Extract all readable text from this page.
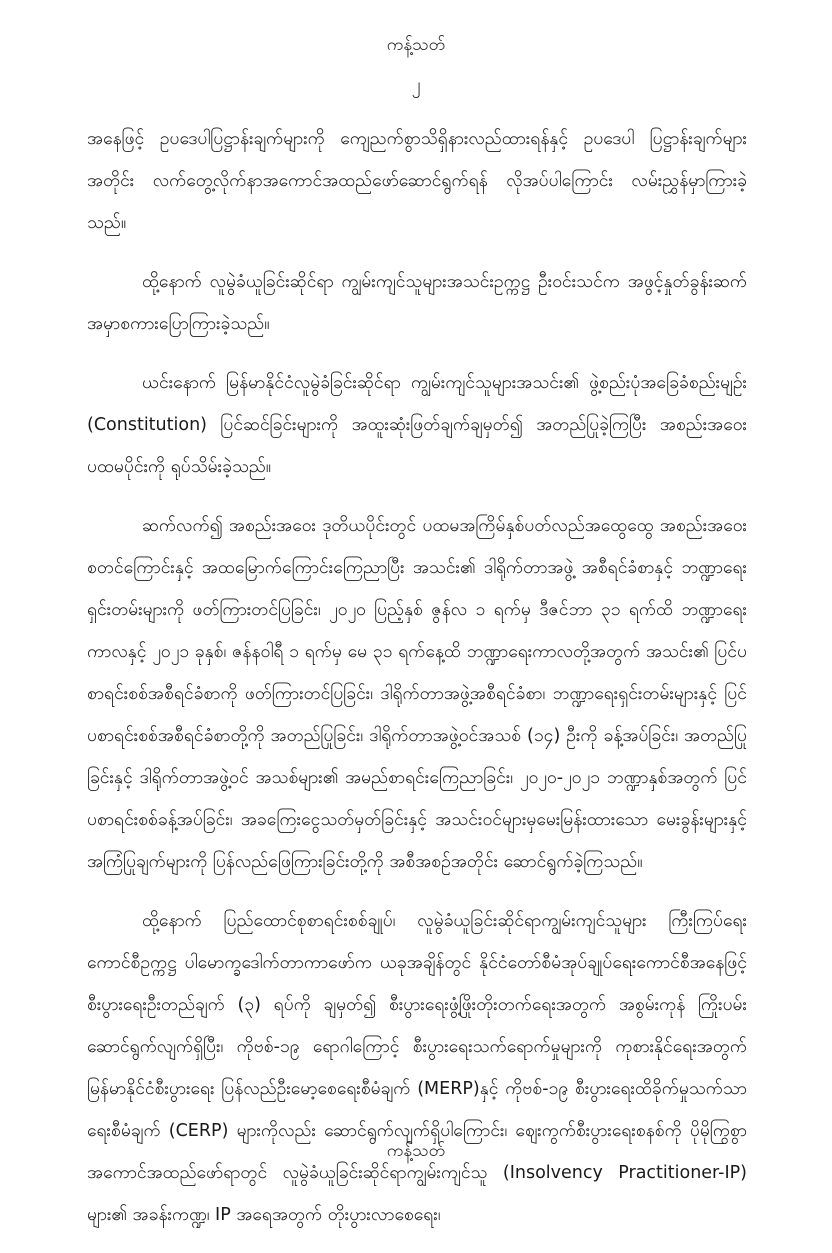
ကန့်သတ်
၂

အနေဖြင့် ဥပဒေပါပြဋ္ဌာန်းချက်များကို ကျေညက်စွာသိရှိနားလည်ထားရန်နှင့် ဥပဒေပါ ပြဋ္ဌာန်းချက်များအတိုင်း လက်တွေ့လိုက်နာအကောင်အထည်ဖော်ဆောင်ရွက်ရန် လိုအပ်ပါကြောင်း လမ်းညွှန်မှာကြားခဲ့သည်။

ထို့နောက် လူမွဲခံယူခြင်းဆိုင်ရာ ကျွမ်းကျင်သူများအသင်းဥက္ကဋ္ဌ ဦးဝင်းသင်က အဖွင့်နှုတ်ခွန်းဆက်အမှာစကားပြောကြားခဲ့သည်။

ယင်းနောက် မြန်မာနိုင်ငံလူမွဲခံခြင်းဆိုင်ရာ ကျွမ်းကျင်သူများအသင်း၏ ဖွဲ့စည်းပုံအခြေခံစည်းမျဉ်း (Constitution) ပြင်ဆင်ခြင်းများကို အထူးဆုံးဖြတ်ချက်ချမှတ်၍ အတည်ပြုခဲ့ကြပြီး အစည်းအဝေးပထမပိုင်းကို ရုပ်သိမ်းခဲ့သည်။

ဆက်လက်၍ အစည်းအဝေး ဒုတိယပိုင်းတွင် ပထမအကြိမ်နှစ်ပတ်လည်အထွေထွေ အစည်းအဝေးစတင်ကြောင်းနှင့် အထမြောက်ကြောင်းကြေညာပြီး အသင်း၏ ဒါရိုက်တာအဖွဲ့ အစီရင်ခံစာနှင့် ဘဏ္ဍာရေးရှင်းတမ်းများကို ဖတ်ကြားတင်ပြခြင်း၊ ၂၀၂၀ ပြည့်နှစ် ဇွန်လ ၁ ရက်မှ ဒီဇင်ဘာ ၃၁ ရက်ထိ ဘဏ္ဍာရေးကာလနှင့် ၂၀၂၁ ခုနှစ်၊ ဇန်နဝါရီ ၁ ရက်မှ မေ ၃၁ ရက်နေ့ထိ ဘဏ္ဍာရေးကာလတို့အတွက် အသင်း၏ ပြင်ပစာရင်းစစ်အစီရင်ခံစာကို ဖတ်ကြားတင်ပြခြင်း၊ ဒါရိုက်တာအဖွဲ့အစီရင်ခံစာ၊ ဘဏ္ဍာရေးရှင်းတမ်းများနှင့် ပြင်ပစာရင်းစစ်အစီရင်ခံစာတို့ကို အတည်ပြုခြင်း၊ ဒါရိုက်တာအဖွဲ့ဝင်အသစ် (၁၄) ဦးကို ခန့်အပ်ခြင်း၊ အတည်ပြုခြင်းနှင့် ဒါရိုက်တာအဖွဲ့ဝင် အသစ်များ၏ အမည်စာရင်းကြေညာခြင်း၊ ၂၀၂၀-၂၀၂၁ ဘဏ္ဍာနှစ်အတွက် ပြင်ပစာရင်းစစ်ခန့်အပ်ခြင်း၊ အခကြေးငွေသတ်မှတ်ခြင်းနှင့် အသင်းဝင်များမှမေးမြန်းထားသော မေးခွန်းများနှင့် အကြံပြုချက်များကို ပြန်လည်ဖြေကြားခြင်းတို့ကို အစီအစဉ်အတိုင်း ဆောင်ရွက်ခဲ့ကြသည်။

ထို့နောက် ပြည်ထောင်စုစာရင်းစစ်ချုပ်၊ လူမွဲခံယူခြင်းဆိုင်ရာကျွမ်းကျင်သူများ ကြီးကြပ်ရေးကောင်စီဥက္ကဋ္ဌ ပါမောက္ခဒေါက်တာကာဖော်က ယခုအချိန်တွင် နိုင်ငံတော်စီမံအုပ်ချုပ်ရေးကောင်စီအနေဖြင့် စီးပွားရေးဦးတည်ချက် (၃) ရပ်ကို ချမှတ်၍ စီးပွားရေးဖွံ့ဖြိုးတိုးတက်ရေးအတွက် အစွမ်းကုန် ကြိုးပမ်းဆောင်ရွက်လျက်ရှိပြီး၊ ကိုဗစ်-၁၉ ရောဂါကြောင့် စီးပွားရေးသက်ရောက်မှုများကို ကုစားနိုင်ရေးအတွက် မြန်မာနိုင်ငံစီးပွားရေး ပြန်လည်ဦးမော့စေရေးစီမံချက် (MERP)နှင့် ကိုဗစ်-၁၉ စီးပွားရေးထိခိုက်မှုသက်သာရေးစီမံချက် (CERP) များကိုလည်း ဆောင်ရွက်လျက်ရှိပါကြောင်း၊ ဈေးကွက်စီးပွားရေးစနစ်ကို ပိုမိုကြွစွာအကောင်အထည်ဖော်ရာတွင် လူမွဲခံယူခြင်းဆိုင်ရာကျွမ်းကျင်သူ (Insolvency Practitioner-IP) များ၏ အခန်းကဏ္ဍ၊ IP အရေအတွက် တိုးပွားလာစေရေး၊

ကန့်သတ်
